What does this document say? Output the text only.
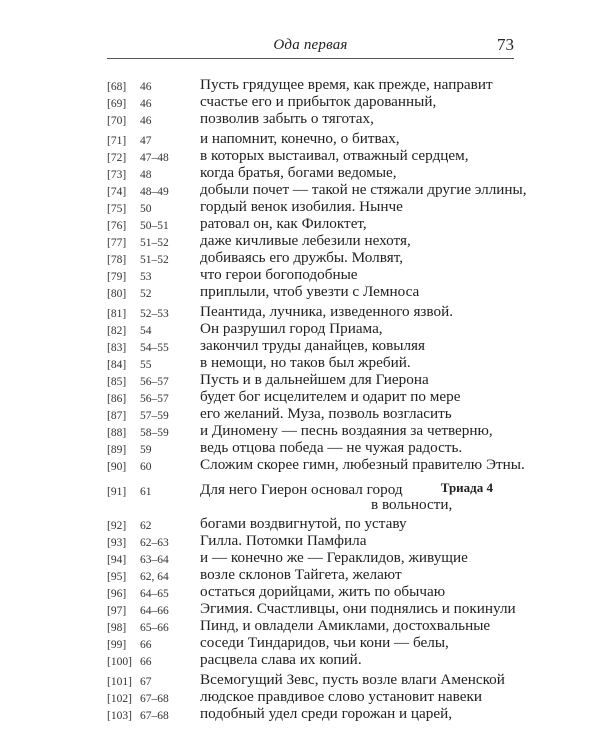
Ода первая	73
[68] 46	Пусть грядущее время, как прежде, направит
[69] 46	счастье его и прибыток дарованный,
[70] 46	позволив забыть о тяготах,
[71] 47	и напомнит, конечно, о битвах,
[72] 47–48 в которых выстаивал, отважный сердцем,
[73] 48	когда братья, богами ведомые,
[74] 48–49 добыли почет — такой не стяжали другие эллины,
[75] 50	гордый венок изобилия. Нынче
[76] 50–51 ратовал он, как Филоктет,
[77] 51–52 даже кичливые лебезили нехотя,
[78] 51–52 добиваясь его дружбы. Молвят,
[79] 53	что герои богоподобные
[80] 52	приплыли, чтоб увезти с Лемноса
[81] 52–53 Пеантида, лучника, изведенного язвой.
[82] 54	Он разрушил город Приама,
[83] 54–55 закончил труды данайцев, ковыляя
[84] 55	в немощи, но таков был жребий.
[85] 56–57 Пусть и в дальнейшем для Гиерона
[86] 56–57 будет бог исцелителем и одарит по мере
[87] 57–59 его желаний. Муза, позволь возгласить
[88] 58–59 и Диномену — песнь воздаяния за четверню,
[89] 59	ведь отцова победа — не чужая радость.
[90] 60	Сложим скорее гимн, любезный правителю Этны.
[91] 61	Для него Гиерон основал город	Триада 4
в вольности,
[92] 62	богами воздвигнутой, по уставу
[93] 62–63 Гилла. Потомки Памфила
[94] 63–64 и — конечно же — Гераклидов, живущие
[95] 62, 64 возле склонов Тайгета, желают
[96] 64–65 остаться дорийцами, жить по обычаю
[97] 64–66 Эгимия. Счастливцы, они поднялись и покинули
[98] 65–66 Пинд, и овладели Амиклами, достохвальные
[99] 66	соседи Тиндаридов, чьи кони — белы,
[100] 66	расцвела слава их копий.
[101] 67	Всемогущий Зевс, пусть возле влаги Аменской
[102] 67–68 людское правдивое слово установит навеки
[103] 67–68 подобный удел среди горожан и царей,
